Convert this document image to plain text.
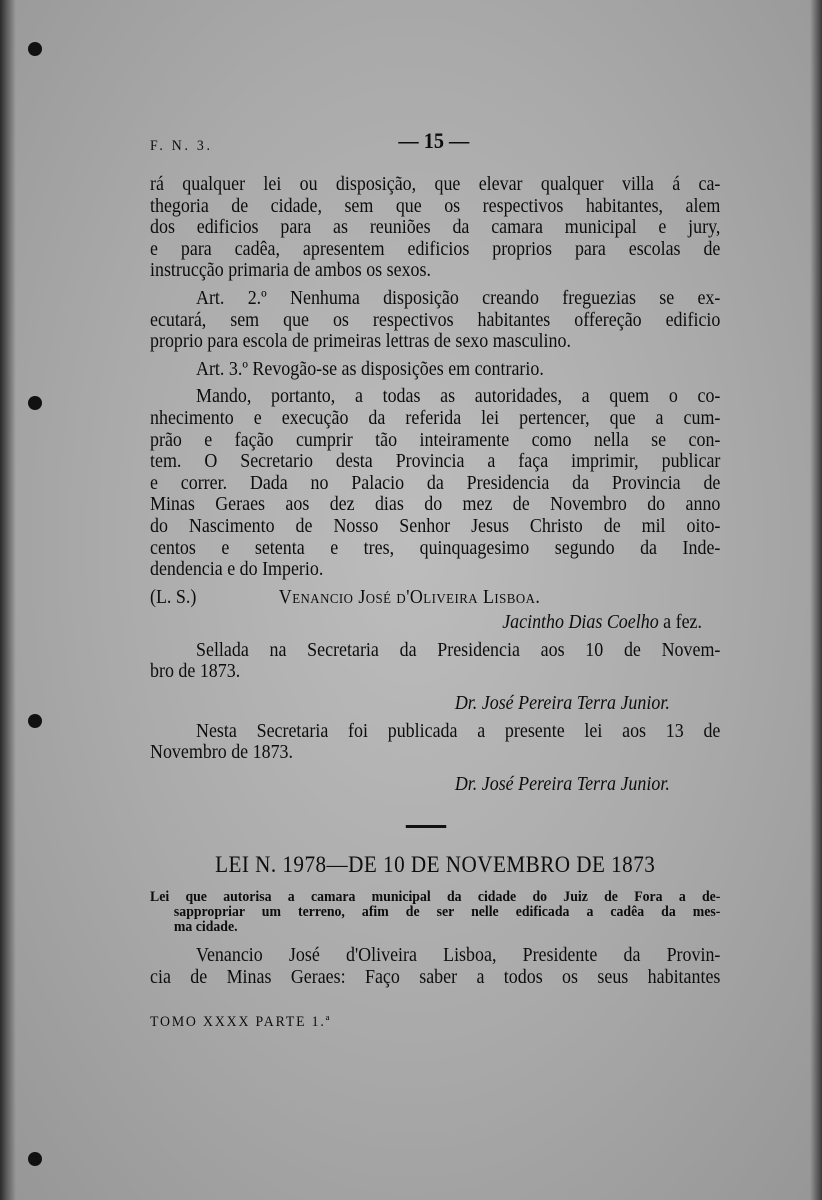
F. N. 3.	— 15 —
rá qualquer lei ou disposição, que elevar qualquer villa á ca-
thegoria de cidade, sem que os respectivos habitantes, alem
dos edificios para as reuniões da camara municipal e jury,
e para cadêa, apresentem edificios proprios para escolas de
instrucção primaria de ambos os sexos.
Art. 2.º Nenhuma disposição creando freguezias se ex-
ecutará, sem que os respectivos habitantes offereção edificio
proprio para escola de primeiras lettras de sexo masculino.
Art. 3.º Revogão-se as disposições em contrario.
Mando, portanto, a todas as autoridades, a quem o co-
nhecimento e execução da referida lei pertencer, que a cum-
prão e fação cumprir tão inteiramente como nella se con-
tem. O Secretario desta Provincia a faça imprimir, publicar
e correr. Dada no Palacio da Presidencia da Provincia de
Minas Geraes aos dez dias do mez de Novembro do anno
do Nascimento de Nosso Senhor Jesus Christo de mil oito-
centos e setenta e tres, quinquagesimo segundo da Inde-
dendencia e do Imperio.
(L. S.)	Venancio José d'Oliveira Lisboa.
Jacintho Dias Coelho a fez.
Sellada na Secretaria da Presidencia aos 10 de Novem-
bro de 1873.
Dr. José Pereira Terra Junior.
Nesta Secretaria foi publicada a presente lei aos 13 de
Novembro de 1873.
Dr. José Pereira Terra Junior.
LEI N. 1978—DE 10 DE NOVEMBRO DE 1873
Lei que autorisa a camara municipal da cidade do Juiz de Fora a de-
sappropriar um terreno, afim de ser nelle edificada a cadêa da mes-
ma cidade.
Venancio José d'Oliveira Lisboa, Presidente da Provin-
cia de Minas Geraes: Faço saber a todos os seus habitantes
TOMO XXXX PARTE 1.ª
